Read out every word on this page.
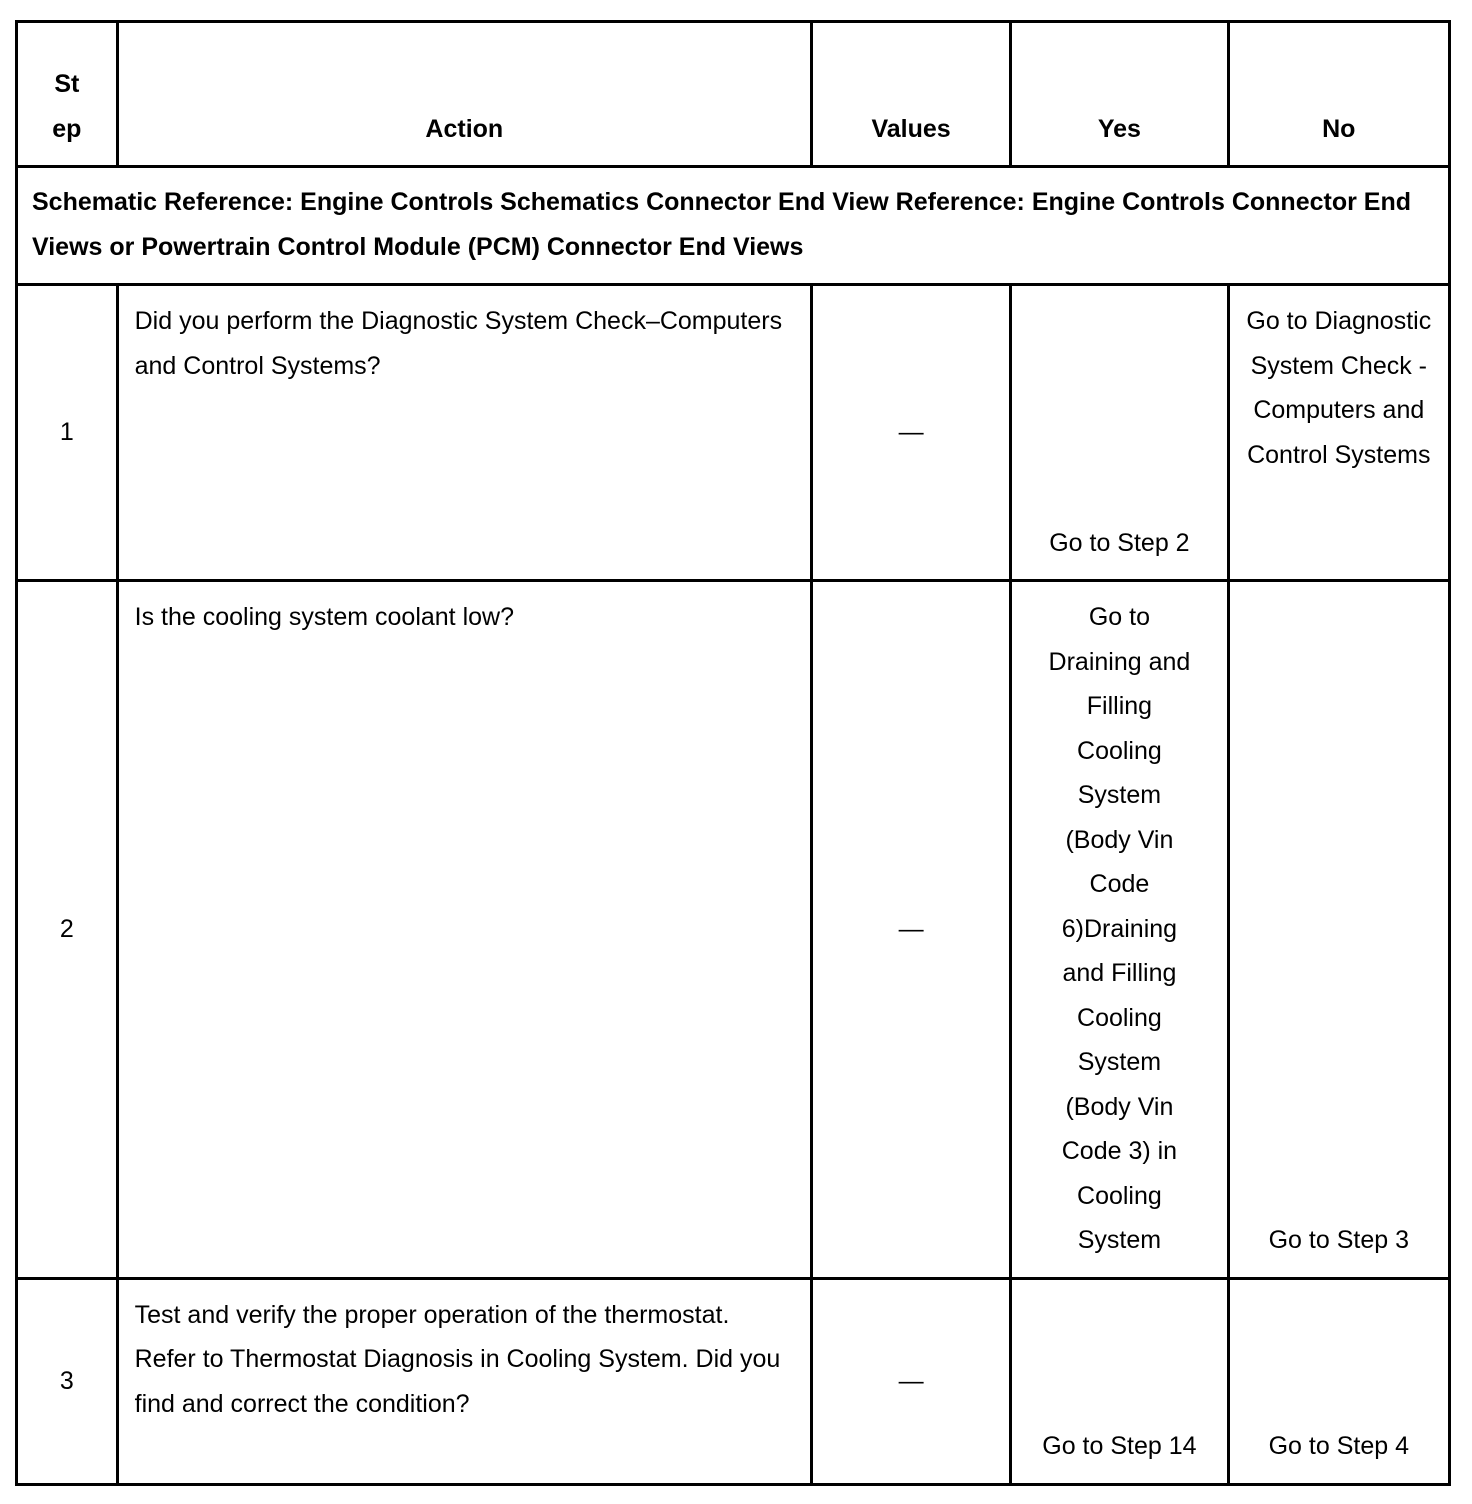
St ep	Action	Values	Yes	No
Schematic Reference: Engine Controls Schematics Connector End View Reference: Engine Controls Connector End Views or Powertrain Control Module (PCM) Connector End Views				
1	Did you perform the Diagnostic System Check–Computers and Control Systems?	—	Go to Step 2	Go to Diagnostic System Check - Computers and Control Systems
2	Is the cooling system coolant low?	—	Go to Draining and Filling Cooling System (Body Vin Code 6)Draining and Filling Cooling System (Body Vin Code 3) in Cooling System	Go to Step 3
3	Test and verify the proper operation of the thermostat. Refer to Thermostat Diagnosis in Cooling System. Did you find and correct the condition?	—	Go to Step 14	Go to Step 4
